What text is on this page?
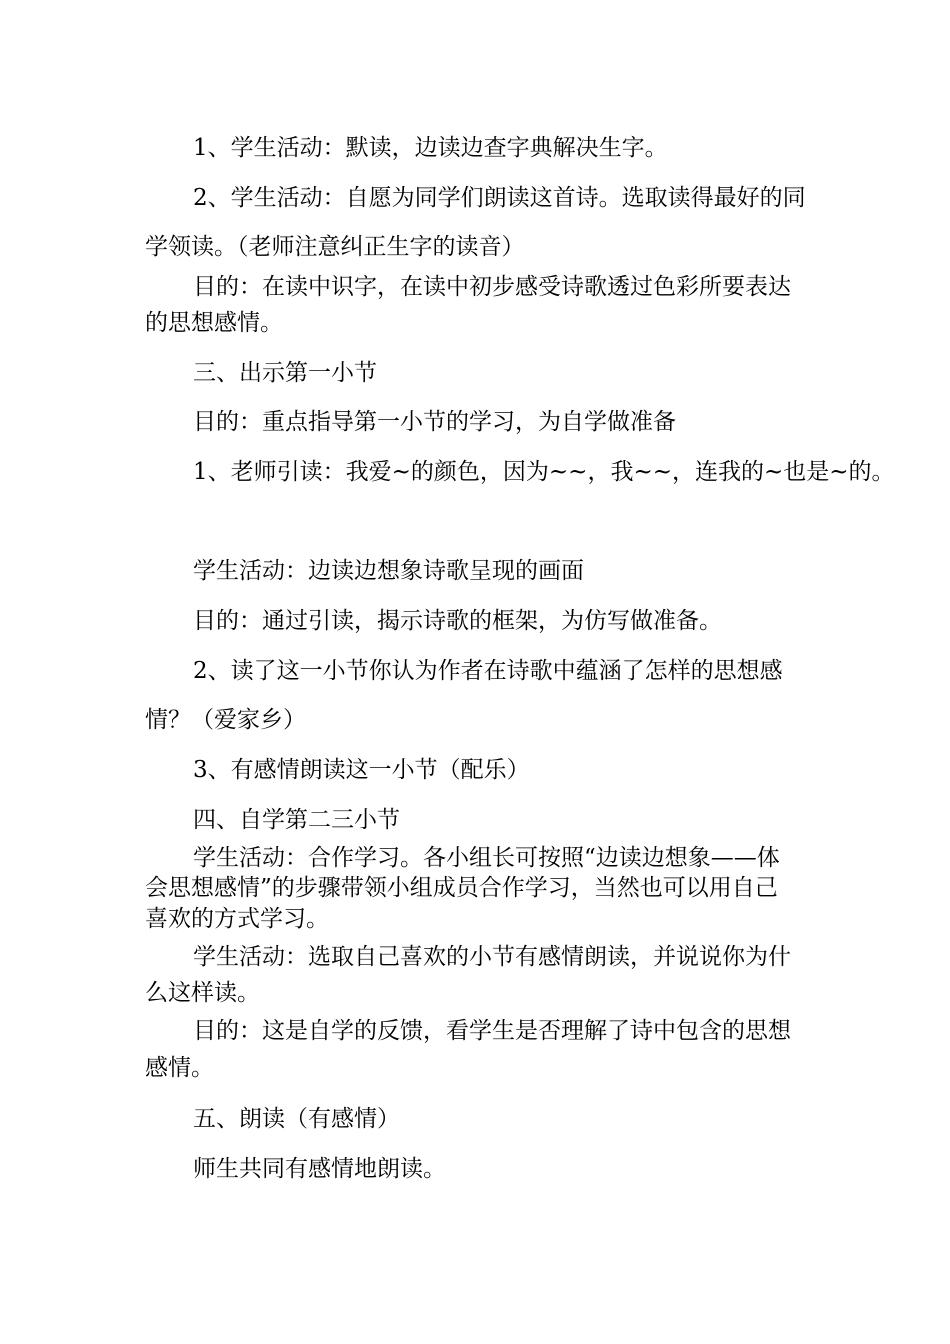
1、学生活动：默读，边读边查字典解决生字。
2、学生活动：自愿为同学们朗读这首诗。选取读得最好的同
学领读。（老师注意纠正生字的读音）
目的：在读中识字，在读中初步感受诗歌透过色彩所要表达
的思想感情。
三、出示第一小节
目的：重点指导第一小节的学习，为自学做准备
1、老师引读：我爱~的颜色，因为~~，我~~，连我的~也是~的。
学生活动：边读边想象诗歌呈现的画面
目的：通过引读，揭示诗歌的框架，为仿写做准备。
2、读了这一小节你认为作者在诗歌中蕴涵了怎样的思想感
情？（爱家乡）
3、有感情朗读这一小节（配乐）
四、自学第二三小节
学生活动：合作学习。各小组长可按照“边读边想象——体
会思想感情”的步骤带领小组成员合作学习，当然也可以用自己
喜欢的方式学习。
学生活动：选取自己喜欢的小节有感情朗读，并说说你为什
么这样读。
目的：这是自学的反馈，看学生是否理解了诗中包含的思想
感情。
五、朗读（有感情）
师生共同有感情地朗读。
